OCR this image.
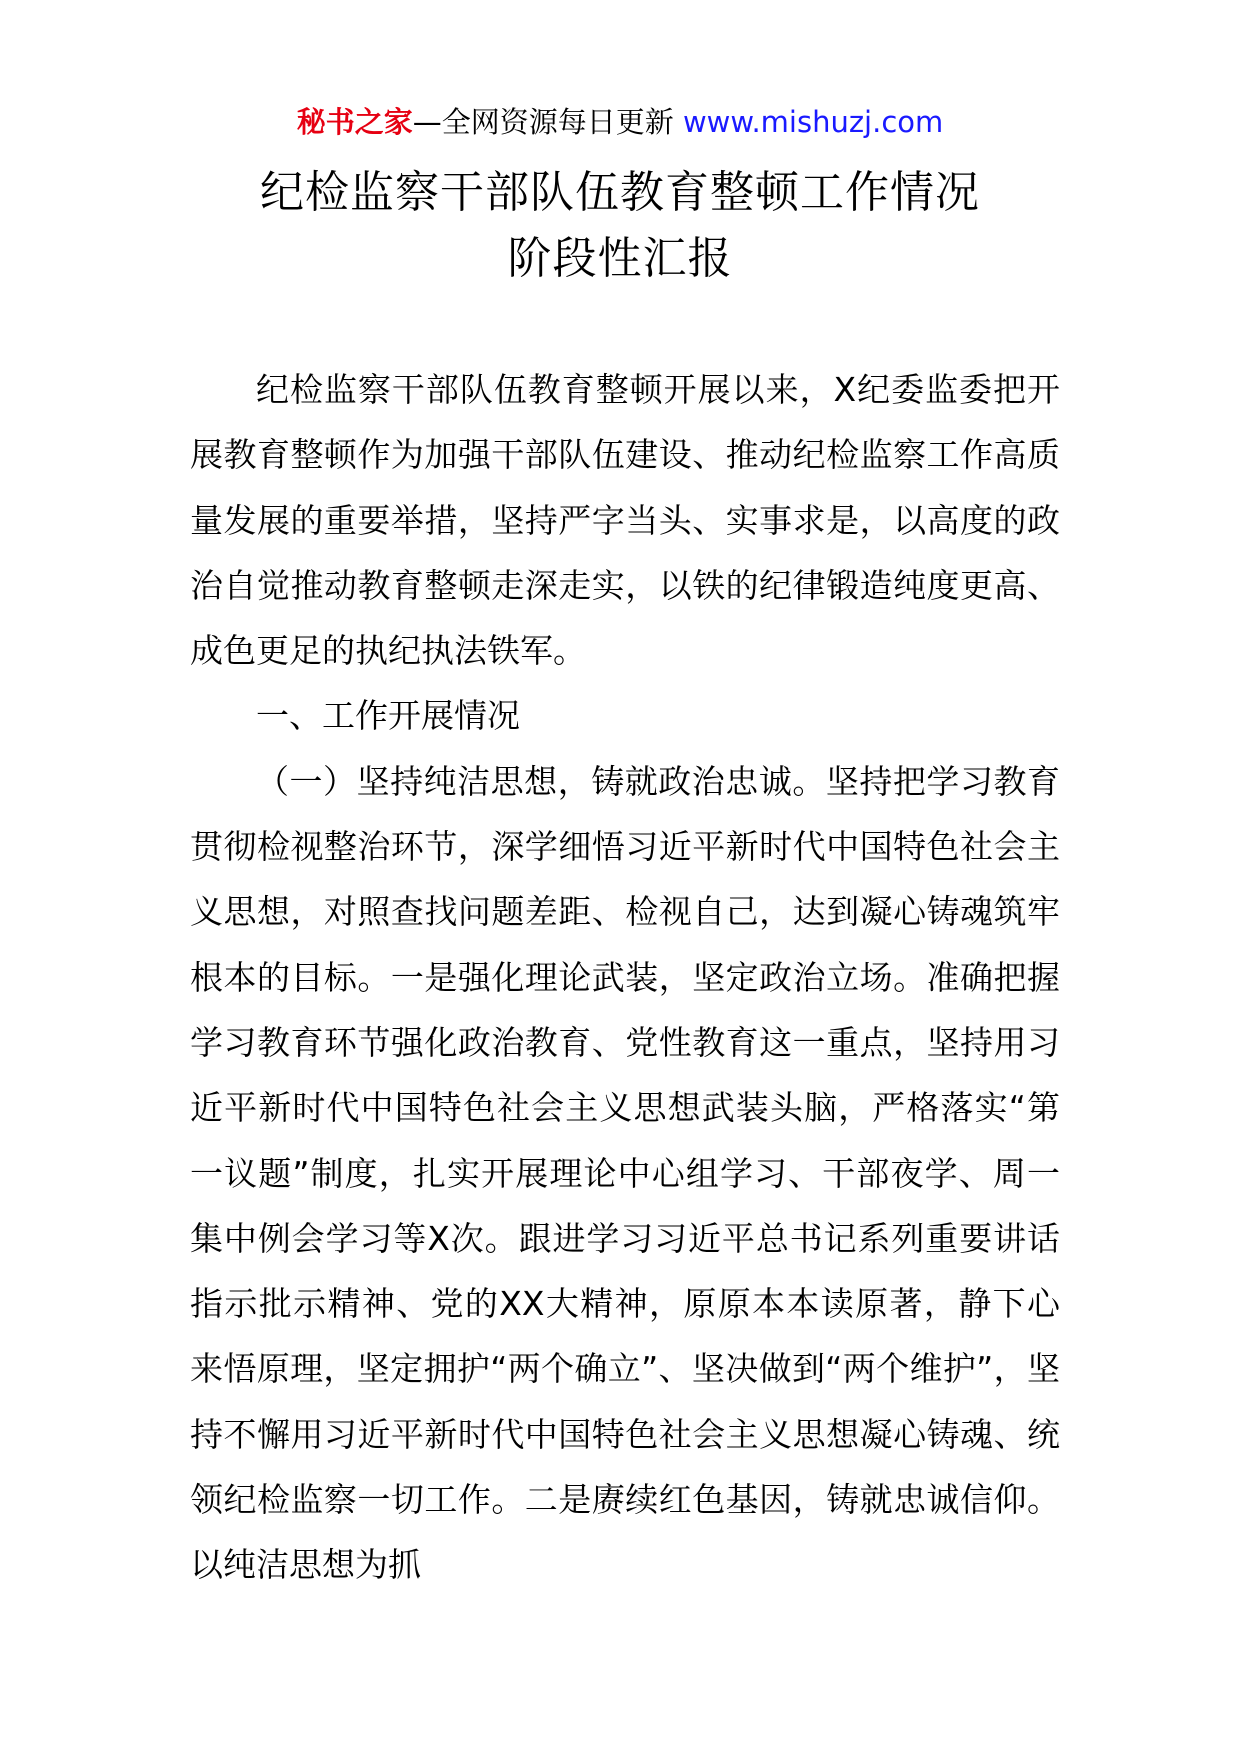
秘书之家—全网资源每日更新 www.mishuzj.com
纪检监察干部队伍教育整顿工作情况
阶段性汇报

纪检监察干部队伍教育整顿开展以来，X纪委监委把开展教育整顿作为加强干部队伍建设、推动纪检监察工作高质量发展的重要举措，坚持严字当头、实事求是，以高度的政治自觉推动教育整顿走深走实，以铁的纪律锻造纯度更高、成色更足的执纪执法铁军。

一、工作开展情况

（一）坚持纯洁思想，铸就政治忠诚。坚持把学习教育贯彻检视整治环节，深学细悟习近平新时代中国特色社会主义思想，对照查找问题差距、检视自己，达到凝心铸魂筑牢根本的目标。一是强化理论武装，坚定政治立场。准确把握学习教育环节强化政治教育、党性教育这一重点，坚持用习近平新时代中国特色社会主义思想武装头脑，严格落实“第一议题”制度，扎实开展理论中心组学习、干部夜学、周一集中例会学习等X次。跟进学习习近平总书记系列重要讲话指示批示精神、党的XX大精神，原原本本读原著，静下心来悟原理，坚定拥护“两个确立”、坚决做到“两个维护”，坚持不懈用习近平新时代中国特色社会主义思想凝心铸魂、统领纪检监察一切工作。二是赓续红色基因，铸就忠诚信仰。以纯洁思想为抓
